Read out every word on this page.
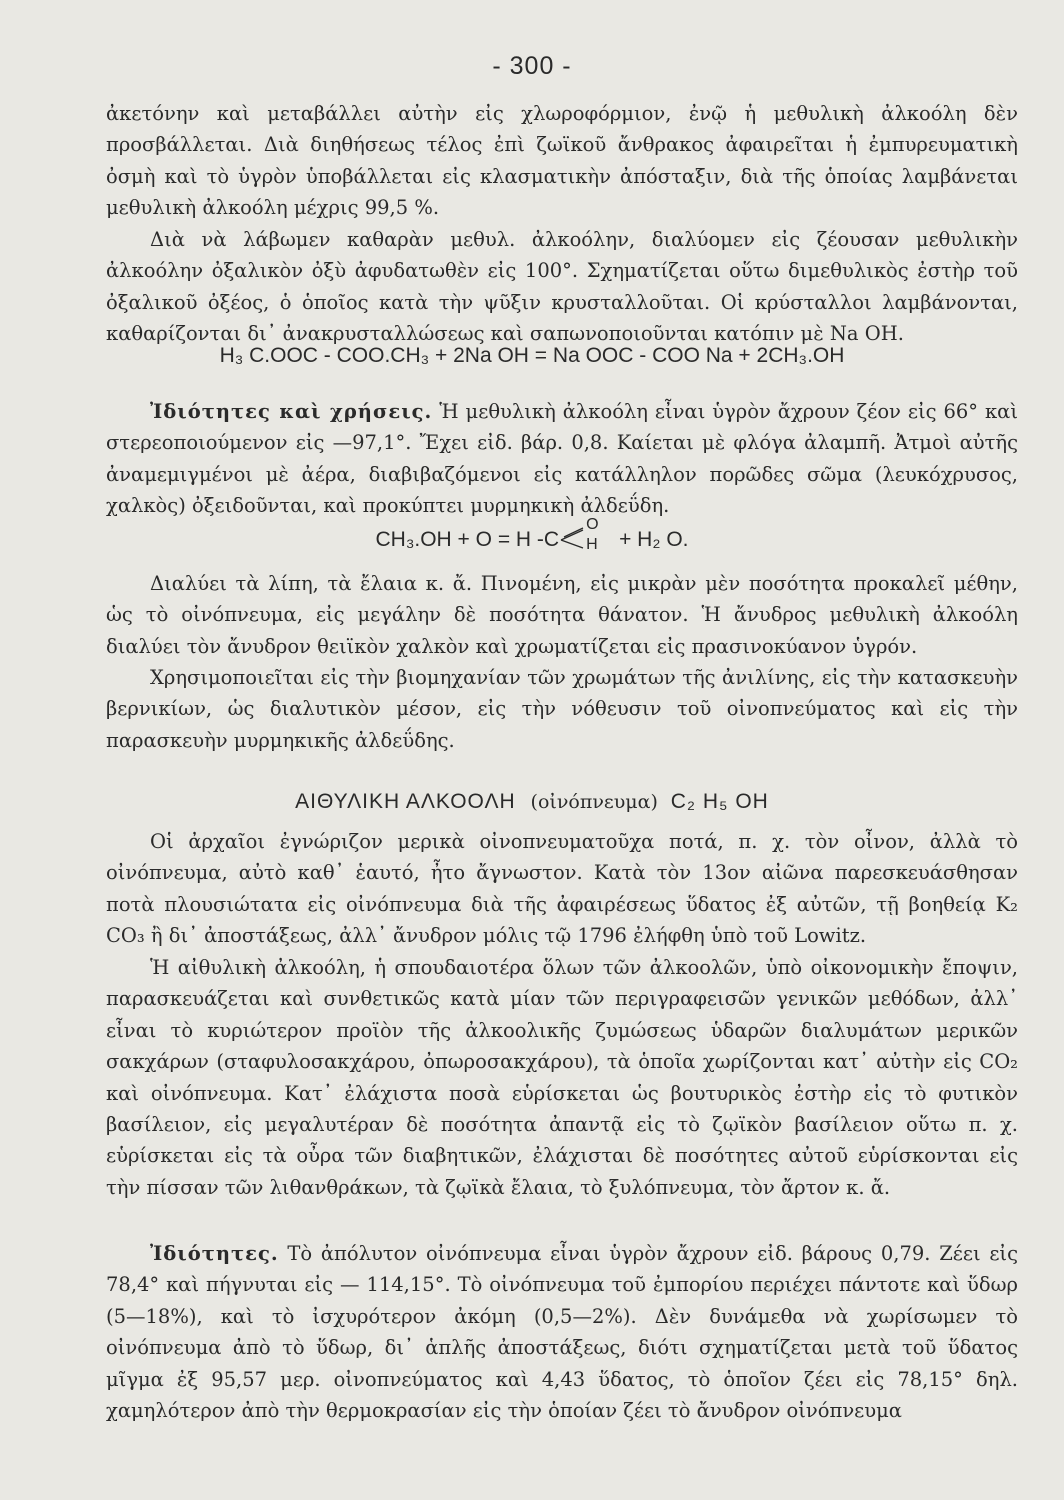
- 300 -

ἀκετόνην καὶ μεταβάλλει αὐτὴν εἰς χλωροφόρμιον, ἐνῷ ἡ μεθυλικὴ ἀλκοόλη δὲν προσβάλλεται. Διὰ διηθήσεως τέλος ἐπὶ ζωϊκοῦ ἄνθρακος ἀφαιρεῖται ἡ ἐμπυρευματικὴ ὀσμὴ καὶ τὸ ὑγρὸν ὑποβάλλεται εἰς κλασματικὴν ἀπόσταξιν, διὰ τῆς ὁποίας λαμβάνεται μεθυλικὴ ἀλκοόλη μέχρις 99,5 %.

Διὰ νὰ λάβωμεν καθαρὰν μεθυλ. ἀλκοόλην, διαλύομεν εἰς ζέουσαν μεθυλικὴν ἀλκοόλην ὀξαλικὸν ὀξὺ ἀφυδατωθὲν εἰς 100°. Σχηματίζεται οὕτω διμεθυλικὸς ἐστὴρ τοῦ ὀξαλικοῦ ὀξέος, ὁ ὁποῖος κατὰ τὴν ψῦξιν κρυσταλλοῦται. Οἱ κρύσταλλοι λαμβάνονται, καθαρίζονται δι᾽ ἀνακρυσταλλώσεως καὶ σαπωνοποιοῦνται κατόπιν μὲ Na OH.

H₃ C.OOC - COO.CH₃ + 2Na OH = Na OOC - COO Na + 2CH₃.OH

Ἰδιότητες καὶ χρήσεις. Ἡ μεθυλικὴ ἀλκοόλη εἶναι ὑγρὸν ἄχρουν ζέον εἰς 66° καὶ στερεοποιούμενον εἰς —97,1°. Ἔχει εἰδ. βάρ. 0,8. Καίεται μὲ φλόγα ἀλαμπῆ. Ἀτμοὶ αὐτῆς ἀναμεμιγμένοι μὲ ἀέρα, διαβιβαζόμενοι εἰς κατάλληλον πορῶδες σῶμα (λευκόχρυσος, χαλκὸς) ὀξειδοῦνται, καὶ προκύπτει μυρμηκικὴ ἀλδεΰδη.

CH₃.OH + O = H -C
O
H + H₂ O.

Διαλύει τὰ λίπη, τὰ ἔλαια κ. ἄ. Πινομένη, εἰς μικρὰν μὲν ποσότητα προκαλεῖ μέθην, ὡς τὸ οἰνόπνευμα, εἰς μεγάλην δὲ ποσότητα θάνατον. Ἡ ἄνυδρος μεθυλικὴ ἀλκοόλη διαλύει τὸν ἄνυδρον θειϊκὸν χαλκὸν καὶ χρωματίζεται εἰς πρασινοκύανον ὑγρόν.

Χρησιμοποιεῖται εἰς τὴν βιομηχανίαν τῶν χρωμάτων τῆς ἀνιλίνης, εἰς τὴν κατασκευὴν βερνικίων, ὡς διαλυτικὸν μέσον, εἰς τὴν νόθευσιν τοῦ οἰνοπνεύματος καὶ εἰς τὴν παρασκευὴν μυρμηκικῆς ἀλδεΰδης.

ΑΙΘΥΛΙΚΗ ΑΛΚΟΟΛΗ (οἰνόπνευμα) C₂ H₅ OH

Οἱ ἀρχαῖοι ἐγνώριζον μερικὰ οἰνοπνευματοῦχα ποτά, π. χ. τὸν οἶνον, ἀλλὰ τὸ οἰνόπνευμα, αὐτὸ καθ᾽ ἑαυτό, ἦτο ἄγνωστον. Κατὰ τὸν 13ον αἰῶνα παρεσκευάσθησαν ποτὰ πλουσιώτατα εἰς οἰνόπνευμα διὰ τῆς ἀφαιρέσεως ὕδατος ἐξ αὐτῶν, τῇ βοηθείᾳ K₂ CO₃ ἢ δι᾽ ἀποστάξεως, ἀλλ᾽ ἄνυδρον μόλις τῷ 1796 ἐλήφθη ὑπὸ τοῦ Lowitz.

Ἡ αἰθυλικὴ ἀλκοόλη, ἡ σπουδαιοτέρα ὅλων τῶν ἀλκοολῶν, ὑπὸ οἰκονομικὴν ἔποψιν, παρασκευάζεται καὶ συνθετικῶς κατὰ μίαν τῶν περιγραφεισῶν γενικῶν μεθόδων, ἀλλ᾽ εἶναι τὸ κυριώτερον προϊὸν τῆς ἀλκοολικῆς ζυμώσεως ὑδαρῶν διαλυμάτων μερικῶν σακχάρων (σταφυλοσακχάρου, ὀπωροσακχάρου), τὰ ὁποῖα χωρίζονται κατ᾽ αὐτὴν εἰς CO₂ καὶ οἰνόπνευμα. Κατ᾽ ἐλάχιστα ποσὰ εὑρίσκεται ὡς βουτυρικὸς ἐστὴρ εἰς τὸ φυτικὸν βασίλειον, εἰς μεγαλυτέραν δὲ ποσότητα ἀπαντᾷ εἰς τὸ ζῳϊκὸν βασίλειον οὕτω π. χ. εὑρίσκεται εἰς τὰ οὖρα τῶν διαβητικῶν, ἐλάχισται δὲ ποσότητες αὐτοῦ εὑρίσκονται εἰς τὴν πίσσαν τῶν λιθανθράκων, τὰ ζῳϊκὰ ἔλαια, τὸ ξυλόπνευμα, τὸν ἄρτον κ. ἄ.

Ἰδιότητες. Τὸ ἀπόλυτον οἰνόπνευμα εἶναι ὑγρὸν ἄχρουν εἰδ. βάρους 0,79. Ζέει εἰς 78,4° καὶ πήγνυται εἰς — 114,15°. Τὸ οἰνόπνευμα τοῦ ἐμπορίου περιέχει πάντοτε καὶ ὕδωρ (5—18%), καὶ τὸ ἰσχυρότερον ἀκόμη (0,5—2%). Δὲν δυνάμεθα νὰ χωρίσωμεν τὸ οἰνόπνευμα ἀπὸ τὸ ὕδωρ, δι᾽ ἁπλῆς ἀποστάξεως, διότι σχηματίζεται μετὰ τοῦ ὕδατος μῖγμα ἐξ 95,57 μερ. οἰνοπνεύματος καὶ 4,43 ὕδατος, τὸ ὁποῖον ζέει εἰς 78,15° δηλ. χαμηλότερον ἀπὸ τὴν θερμοκρασίαν εἰς τὴν ὁποίαν ζέει τὸ ἄνυδρον οἰνόπνευμα
